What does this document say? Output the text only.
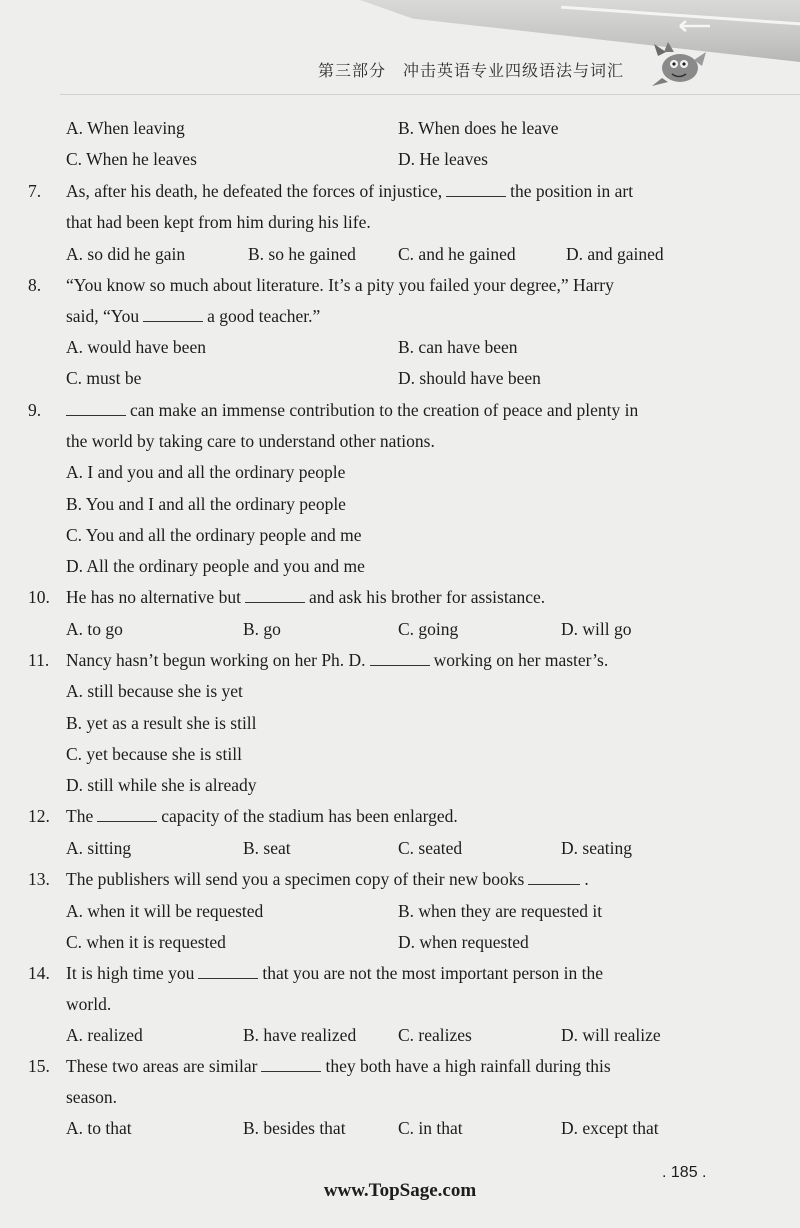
第三部分　冲击英语专业四级语法与词汇
A. When leaving	B. When does he leave
C. When he leaves	D. He leaves
7.	As, after his death, he defeated the forces of injustice,	the position in art
that had been kept from him during his life.
A. so did he gain	B. so he gained C. and he gained	D. and gained
8.	“You know so much about literature. It’s a pity you failed your degree,” Harry
said, “You	a good teacher.”
A. would have been	B. can have been
C. must be	D. should have been
9.	can make an immense contribution to the creation of peace and plenty in
the world by taking care to understand other nations.
A. I and you and all the ordinary people
B. You and I and all the ordinary people
C. You and all the ordinary people and me
D. All the ordinary people and you and me
10. He has no alternative but	and ask his brother for assistance.
A. to go	B. go	C. going	D. will go
11. Nancy hasn’t begun working on her Ph. D.	working on her master’s.
A. still because she is yet
B. yet as a result she is still
C. yet because she is still
D. still while she is already
12. The	capacity of the stadium has been enlarged.
A. sitting	B. seat	C. seated	D. seating
13. The publishers will send you a specimen copy of their new books	.
A. when it will be requested	B. when they are requested it
C. when it is requested	D. when requested
14. It is high time you	that you are not the most important person in the
world.
A. realized	B. have realized C. realizes	D. will realize
15. These two areas are similar	they both have a high rainfall during this
season.
A. to that	B. besides that	C. in that	D. except that
. 185 .
www.TopSage.com
